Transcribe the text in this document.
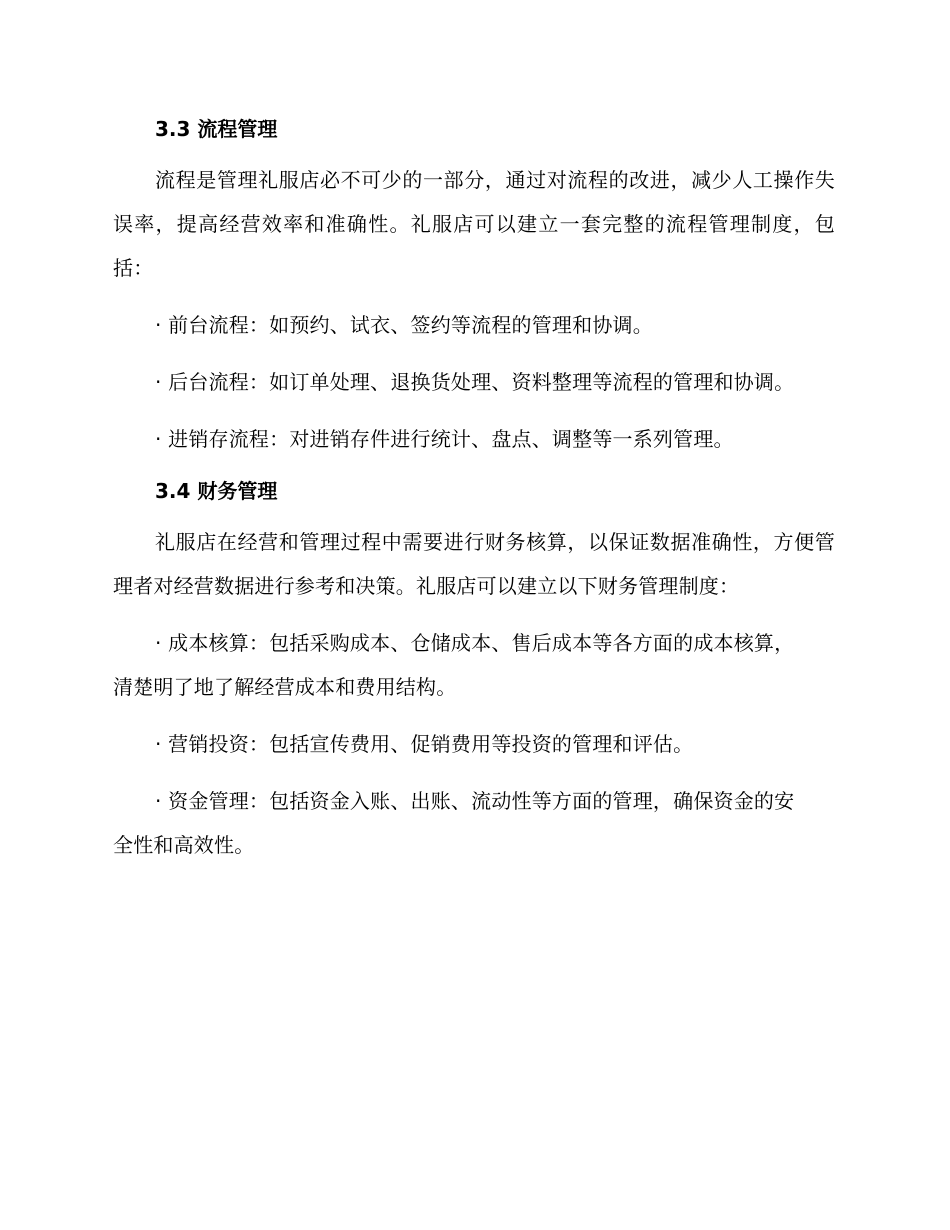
3.3 流程管理
流程是管理礼服店必不可少的一部分，通过对流程的改进，减少人工操作失误率，提高经营效率和准确性。礼服店可以建立一套完整的流程管理制度，包括：
· 前台流程：如预约、试衣、签约等流程的管理和协调。
· 后台流程：如订单处理、退换货处理、资料整理等流程的管理和协调。
· 进销存流程：对进销存件进行统计、盘点、调整等一系列管理。
3.4 财务管理
礼服店在经营和管理过程中需要进行财务核算，以保证数据准确性，方便管理者对经营数据进行参考和决策。礼服店可以建立以下财务管理制度：
· 成本核算：包括采购成本、仓储成本、售后成本等各方面的成本核算，清楚明了地了解经营成本和费用结构。
· 营销投资：包括宣传费用、促销费用等投资的管理和评估。
· 资金管理：包括资金入账、出账、流动性等方面的管理，确保资金的安全性和高效性。
